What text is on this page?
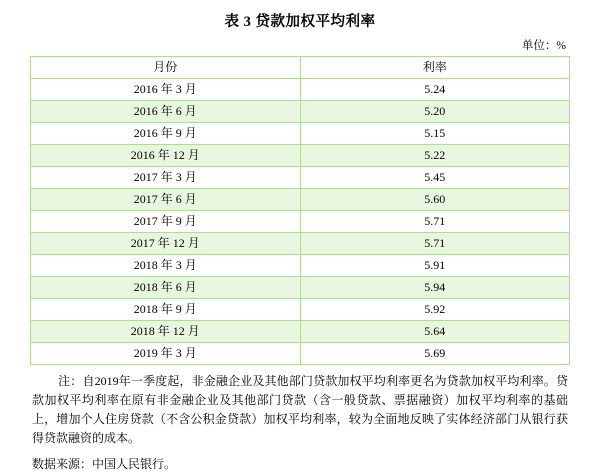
表 3 贷款加权平均利率
单位：%
月份	利率
2016 年 3 月	5.24
2016 年 6 月	5.20
2016 年 9 月	5.15
2016 年 12 月	5.22
2017 年 3 月	5.45
2017 年 6 月	5.60
2017 年 9 月	5.71
2017 年 12 月	5.71
2018 年 3 月	5.91
2018 年 6 月	5.94
2018 年 9 月	5.92
2018 年 12 月	5.64
2019 年 3 月	5.69
注：自2019年一季度起，非金融企业及其他部门贷款加权平均利率更名为贷款加权平均利率。贷款加权平均利率在原有非金融企业及其他部门贷款（含一般贷款、票据融资）加权平均利率的基础上，增加个人住房贷款（不含公积金贷款）加权平均利率，较为全面地反映了实体经济部门从银行获得贷款融资的成本。
数据来源：中国人民银行。
